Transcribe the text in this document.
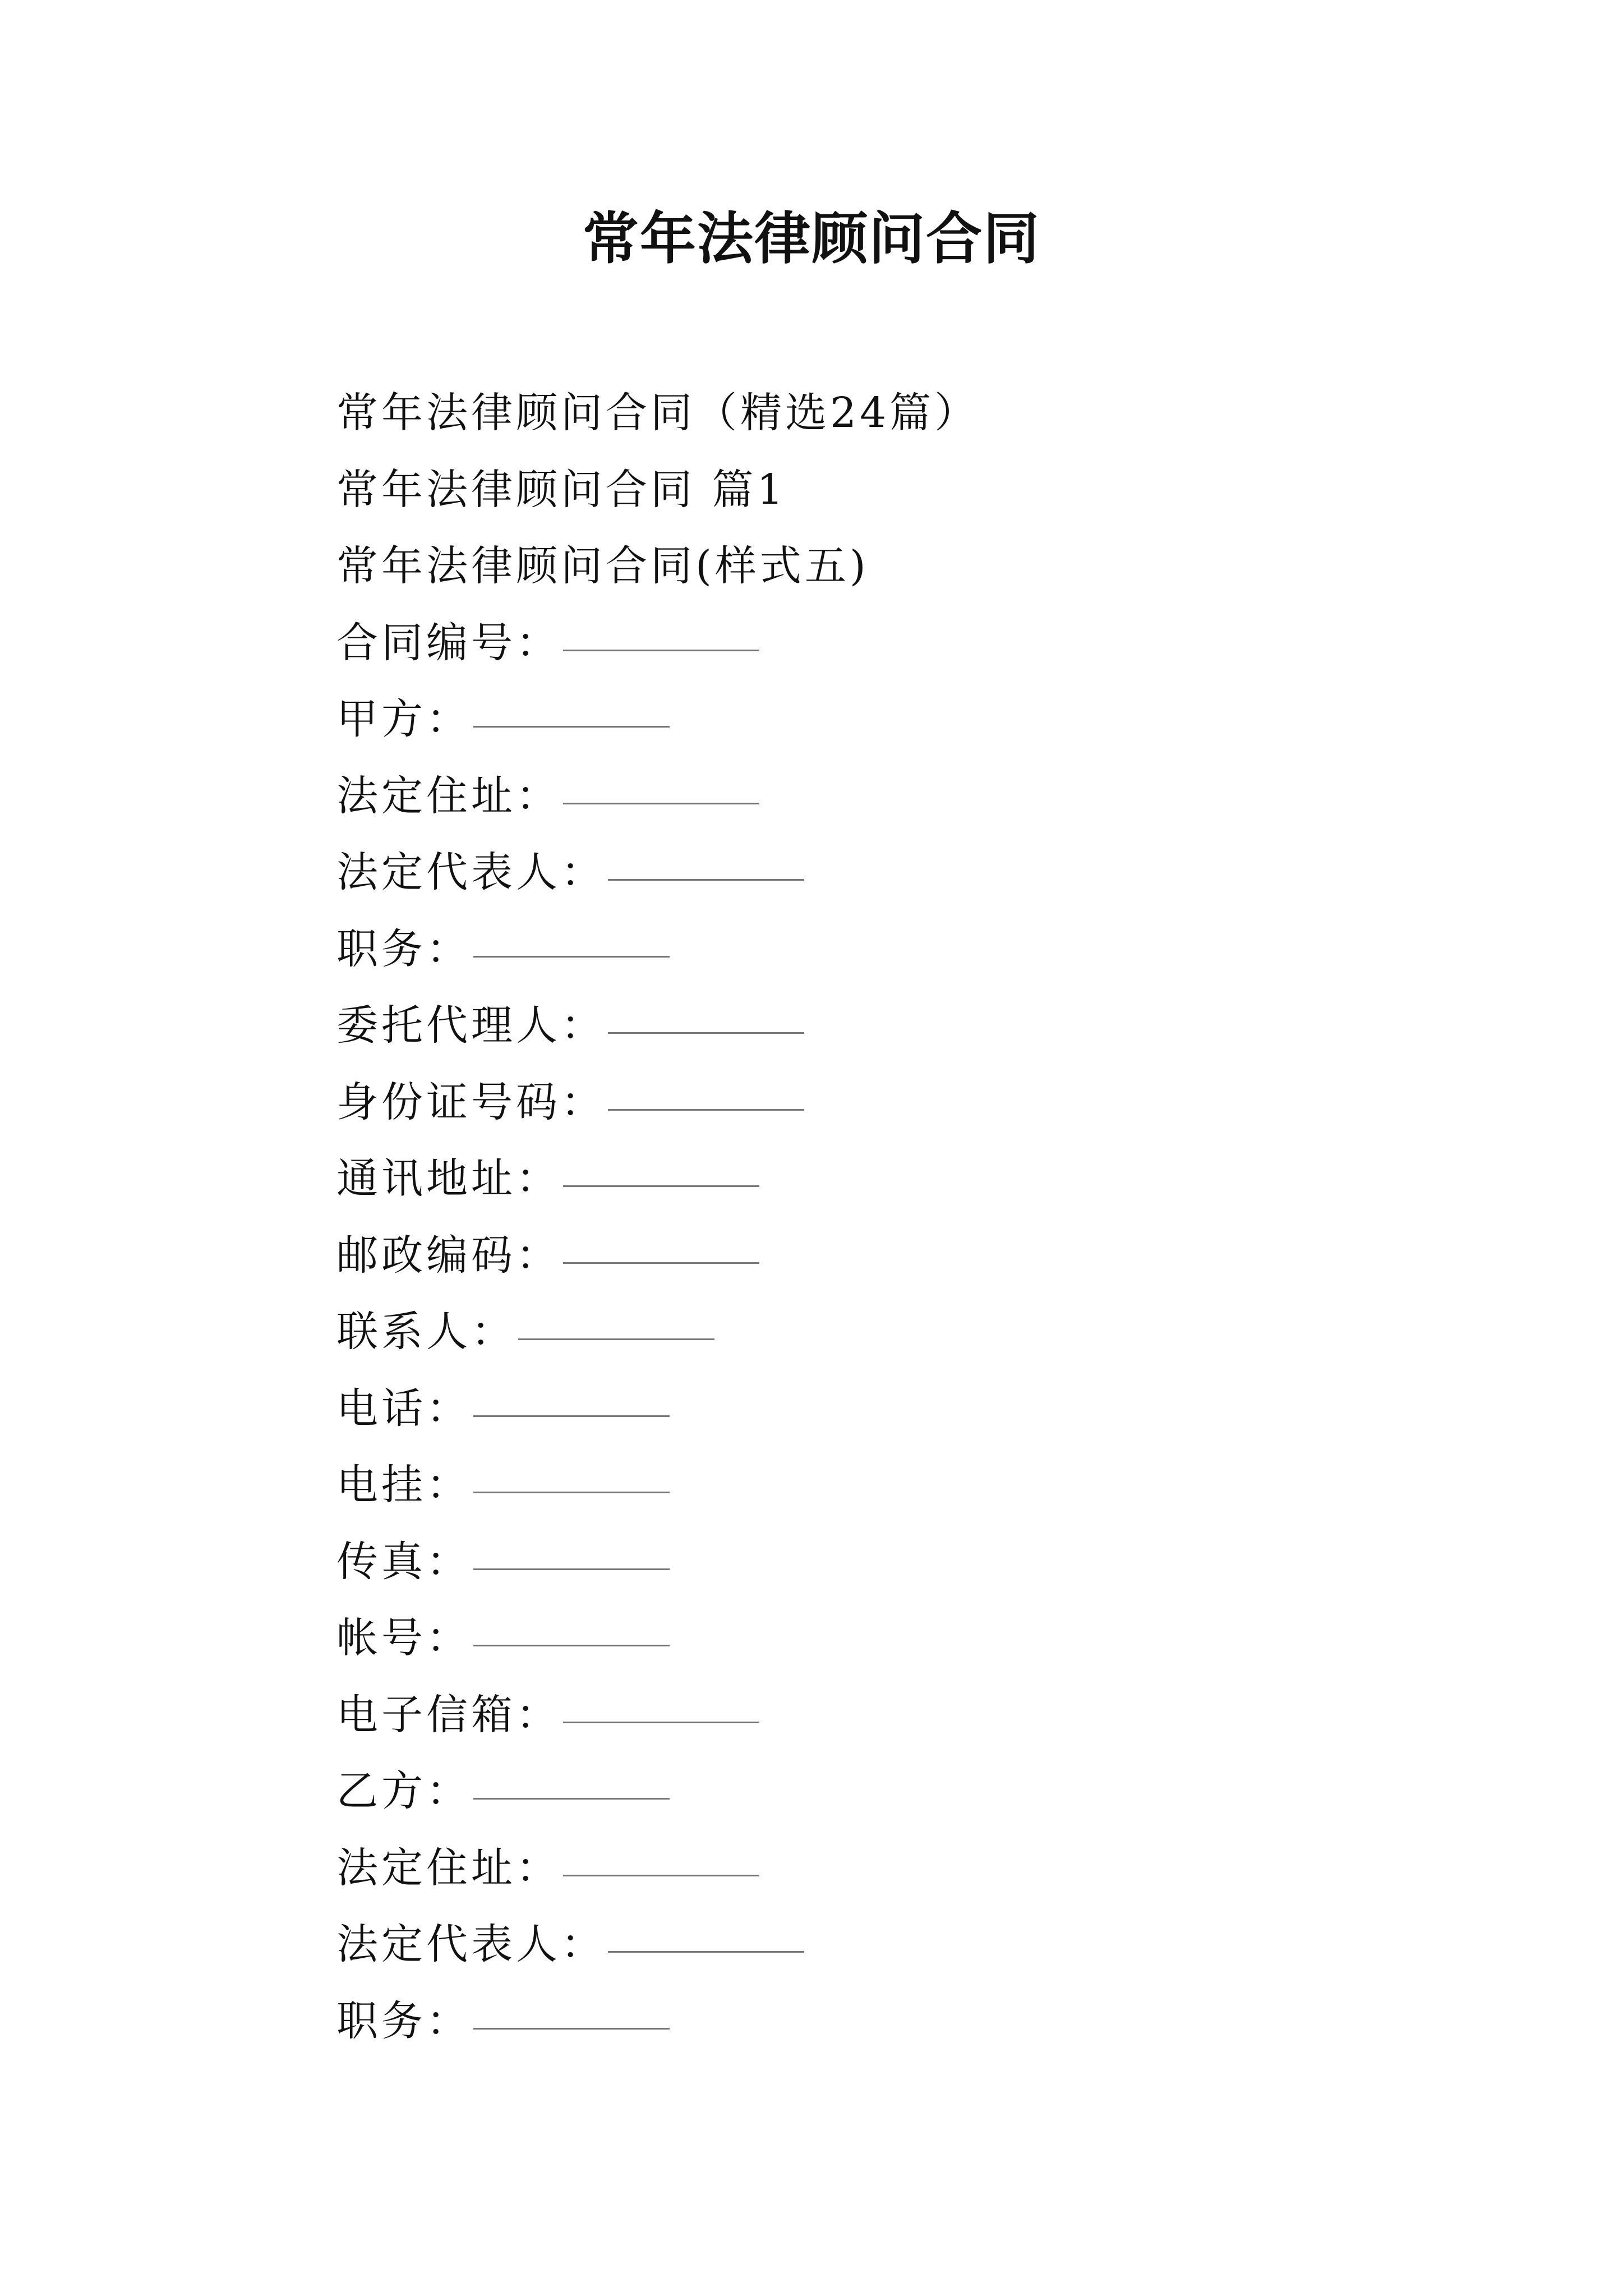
常年法律顾问合同
常年法律顾问合同（精选24篇）
常年法律顾问合同 篇1
常年法律顾问合同(样式五)
合同编号：
甲方：
法定住址：
法定代表人：
职务：
委托代理人：
身份证号码：
通讯地址：
邮政编码：
联系人：
电话：
电挂：
传真：
帐号：
电子信箱：
乙方：
法定住址：
法定代表人：
职务：
